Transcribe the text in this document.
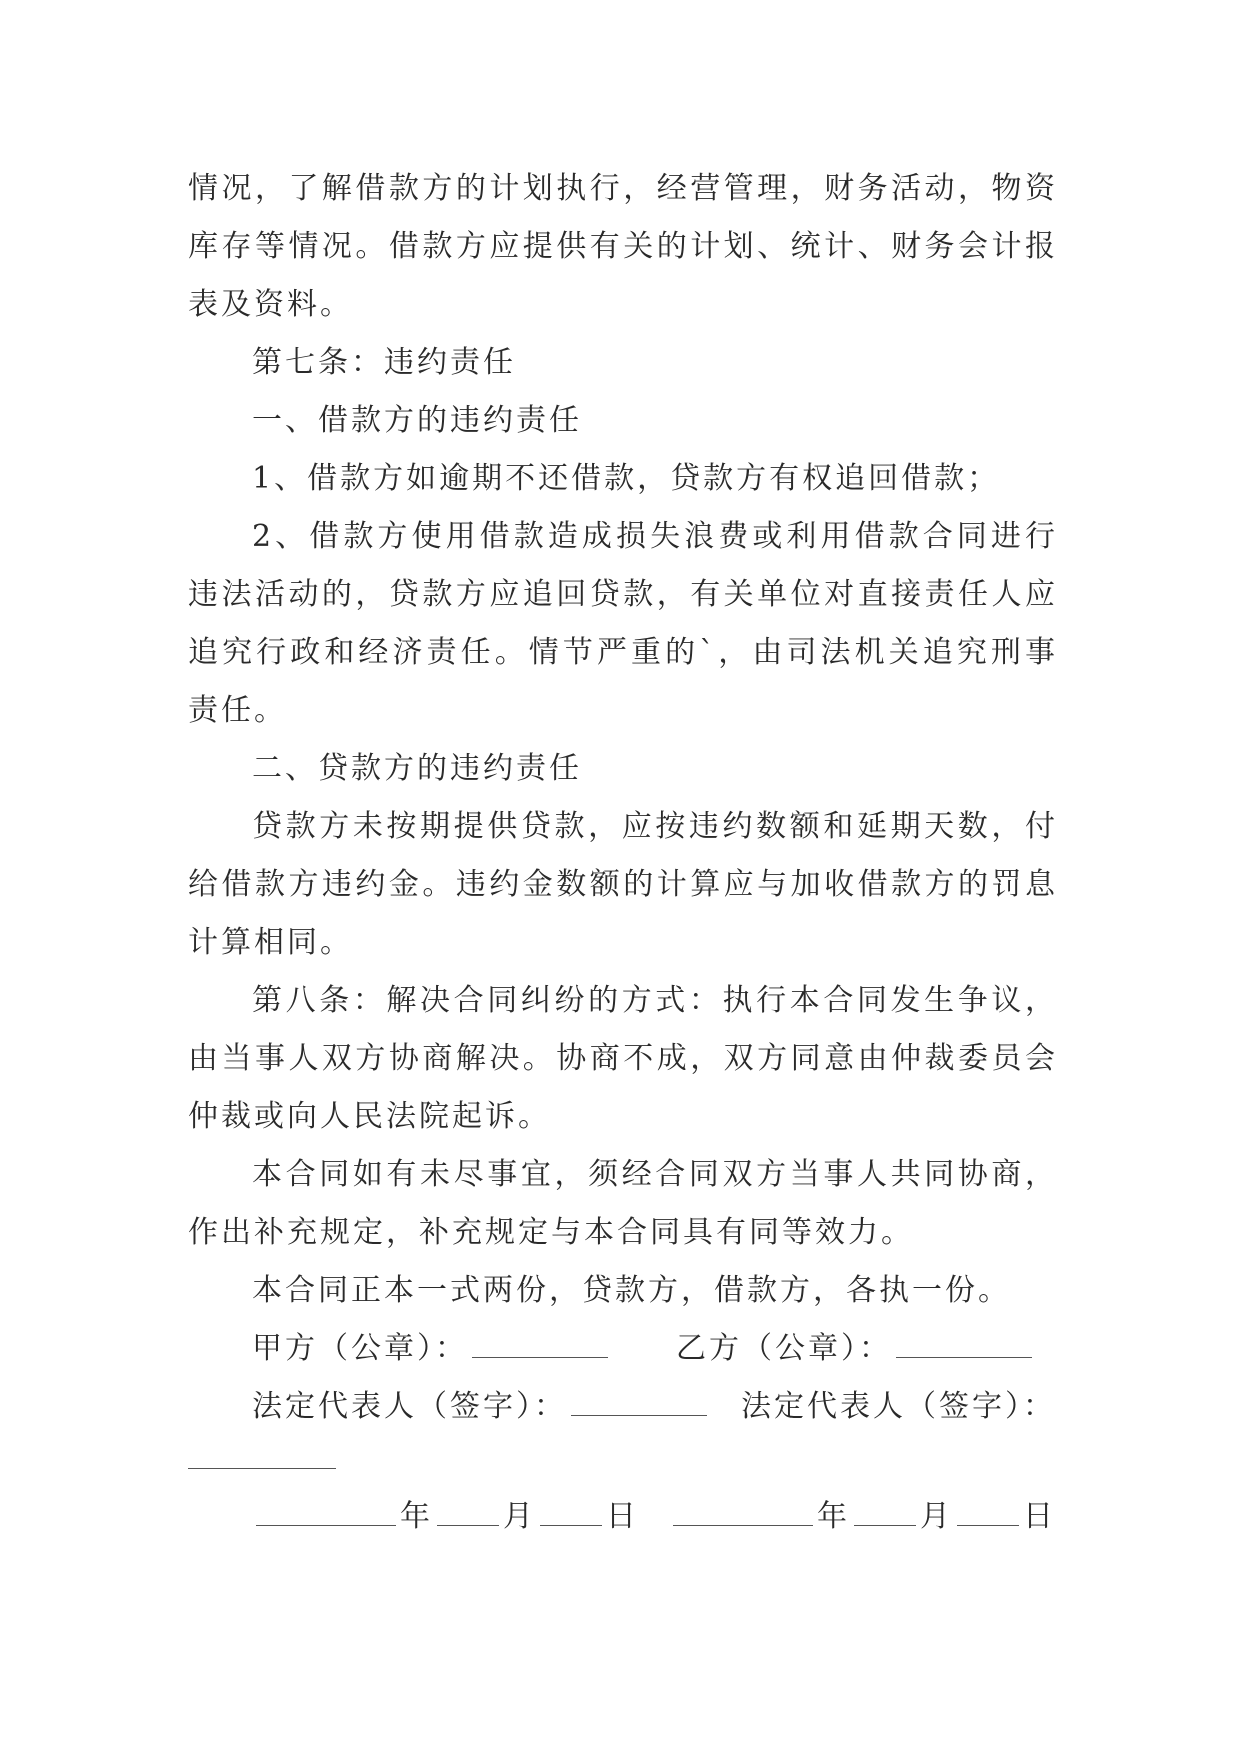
情况，了解借款方的计划执行，经营管理，财务活动，物资库存等情况。借款方应提供有关的计划、统计、财务会计报表及资料。

第七条：违约责任

一、借款方的违约责任

1、借款方如逾期不还借款，贷款方有权追回借款；

2、借款方使用借款造成损失浪费或利用借款合同进行违法活动的，贷款方应追回贷款，有关单位对直接责任人应追究行政和经济责任。情节严重的`，由司法机关追究刑事责任。

二、贷款方的违约责任

贷款方未按期提供贷款，应按违约数额和延期天数，付给借款方违约金。违约金数额的计算应与加收借款方的罚息计算相同。

第八条：解决合同纠纷的方式：执行本合同发生争议，由当事人双方协商解决。协商不成，双方同意由仲裁委员会仲裁或向人民法院起诉。

本合同如有未尽事宜，须经合同双方当事人共同协商，作出补充规定，补充规定与本合同具有同等效力。

本合同正本一式两份，贷款方，借款方，各执一份。

甲方（公章）：	乙方（公章）：
法定代表人（签字）：	法定代表人（签字）：
年 月 日	年 月 日
